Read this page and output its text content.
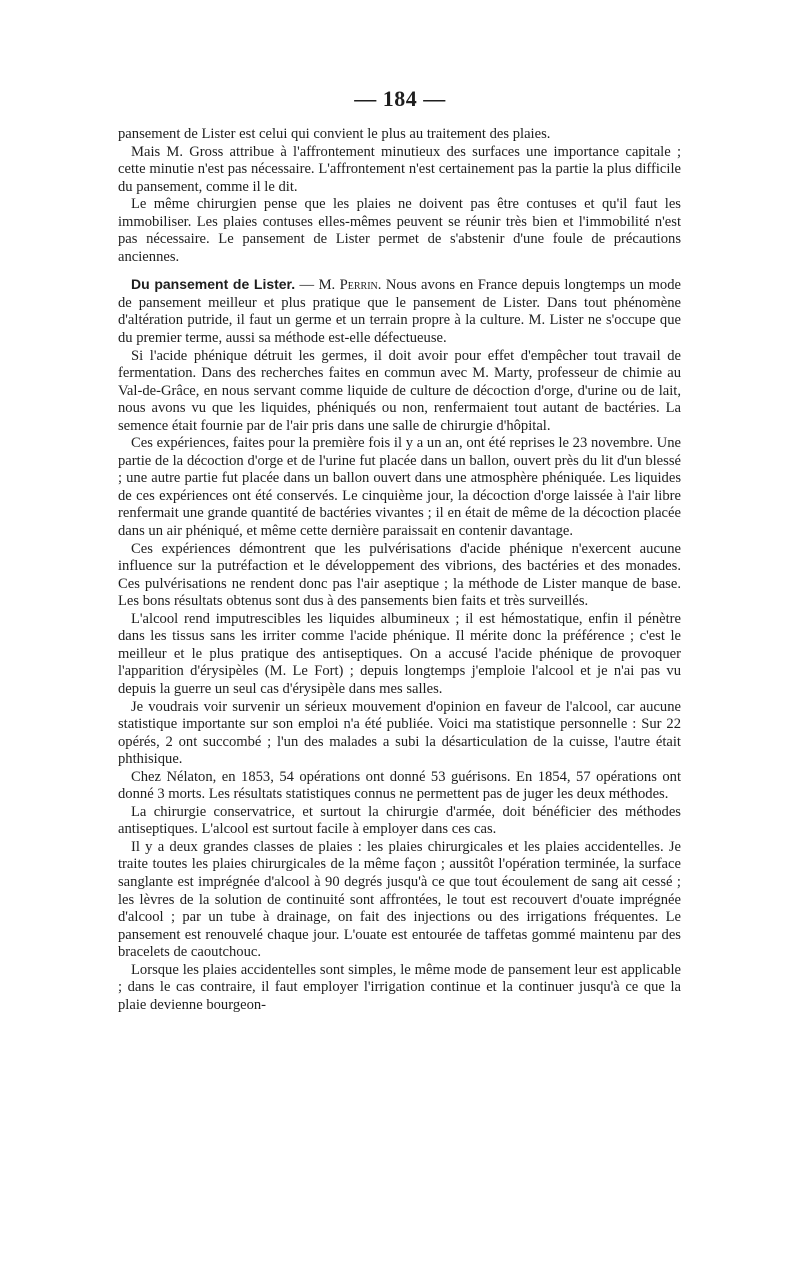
— 184 —

pansement de Lister est celui qui convient le plus au traitement des plaies.

Mais M. Gross attribue à l'affrontement minutieux des surfaces une importance capitale ; cette minutie n'est pas nécessaire. L'affrontement n'est certainement pas la partie la plus difficile du pansement, comme il le dit.

Le même chirurgien pense que les plaies ne doivent pas être contuses et qu'il faut les immobiliser. Les plaies contuses elles-mêmes peuvent se réunir très bien et l'immobilité n'est pas nécessaire. Le pansement de Lister permet de s'abstenir d'une foule de précautions anciennes.

Du pansement de Lister. — M. Perrin. Nous avons en France depuis longtemps un mode de pansement meilleur et plus pratique que le pansement de Lister. Dans tout phénomène d'altération putride, il faut un germe et un terrain propre à la culture. M. Lister ne s'occupe que du premier terme, aussi sa méthode est-elle défectueuse.

Si l'acide phénique détruit les germes, il doit avoir pour effet d'empêcher tout travail de fermentation. Dans des recherches faites en commun avec M. Marty, professeur de chimie au Val-de-Grâce, en nous servant comme liquide de culture de décoction d'orge, d'urine ou de lait, nous avons vu que les liquides, phéniqués ou non, renfermaient tout autant de bactéries. La semence était fournie par de l'air pris dans une salle de chirurgie d'hôpital.

Ces expériences, faites pour la première fois il y a un an, ont été reprises le 23 novembre. Une partie de la décoction d'orge et de l'urine fut placée dans un ballon, ouvert près du lit d'un blessé ; une autre partie fut placée dans un ballon ouvert dans une atmosphère phéniquée. Les liquides de ces expériences ont été conservés. Le cinquième jour, la décoction d'orge laissée à l'air libre renfermait une grande quantité de bactéries vivantes ; il en était de même de la décoction placée dans un air phéniqué, et même cette dernière paraissait en contenir davantage.

Ces expériences démontrent que les pulvérisations d'acide phénique n'exercent aucune influence sur la putréfaction et le développement des vibrions, des bactéries et des monades. Ces pulvérisations ne rendent donc pas l'air aseptique ; la méthode de Lister manque de base. Les bons résultats obtenus sont dus à des pansements bien faits et très surveillés.

L'alcool rend imputrescibles les liquides albumineux ; il est hémostatique, enfin il pénètre dans les tissus sans les irriter comme l'acide phénique. Il mérite donc la préférence ; c'est le meilleur et le plus pratique des antiseptiques. On a accusé l'acide phénique de provoquer l'apparition d'érysipèles (M. Le Fort) ; depuis longtemps j'emploie l'alcool et je n'ai pas vu depuis la guerre un seul cas d'érysipèle dans mes salles.

Je voudrais voir survenir un sérieux mouvement d'opinion en faveur de l'alcool, car aucune statistique importante sur son emploi n'a été publiée. Voici ma statistique personnelle : Sur 22 opérés, 2 ont succombé ; l'un des malades a subi la désarticulation de la cuisse, l'autre était phthisique.

Chez Nélaton, en 1853, 54 opérations ont donné 53 guérisons. En 1854, 57 opérations ont donné 3 morts. Les résultats statistiques connus ne permettent pas de juger les deux méthodes.

La chirurgie conservatrice, et surtout la chirurgie d'armée, doit bénéficier des méthodes antiseptiques. L'alcool est surtout facile à employer dans ces cas.

Il y a deux grandes classes de plaies : les plaies chirurgicales et les plaies accidentelles. Je traite toutes les plaies chirurgicales de la même façon ; aussitôt l'opération terminée, la surface sanglante est imprégnée d'alcool à 90 degrés jusqu'à ce que tout écoulement de sang ait cessé ; les lèvres de la solution de continuité sont affrontées, le tout est recouvert d'ouate imprégnée d'alcool ; par un tube à drainage, on fait des injections ou des irrigations fréquentes. Le pansement est renouvelé chaque jour. L'ouate est entourée de taffetas gommé maintenu par des bracelets de caoutchouc.

Lorsque les plaies accidentelles sont simples, le même mode de pansement leur est applicable ; dans le cas contraire, il faut employer l'irrigation continue et la continuer jusqu'à ce que la plaie devienne bourgeon-
